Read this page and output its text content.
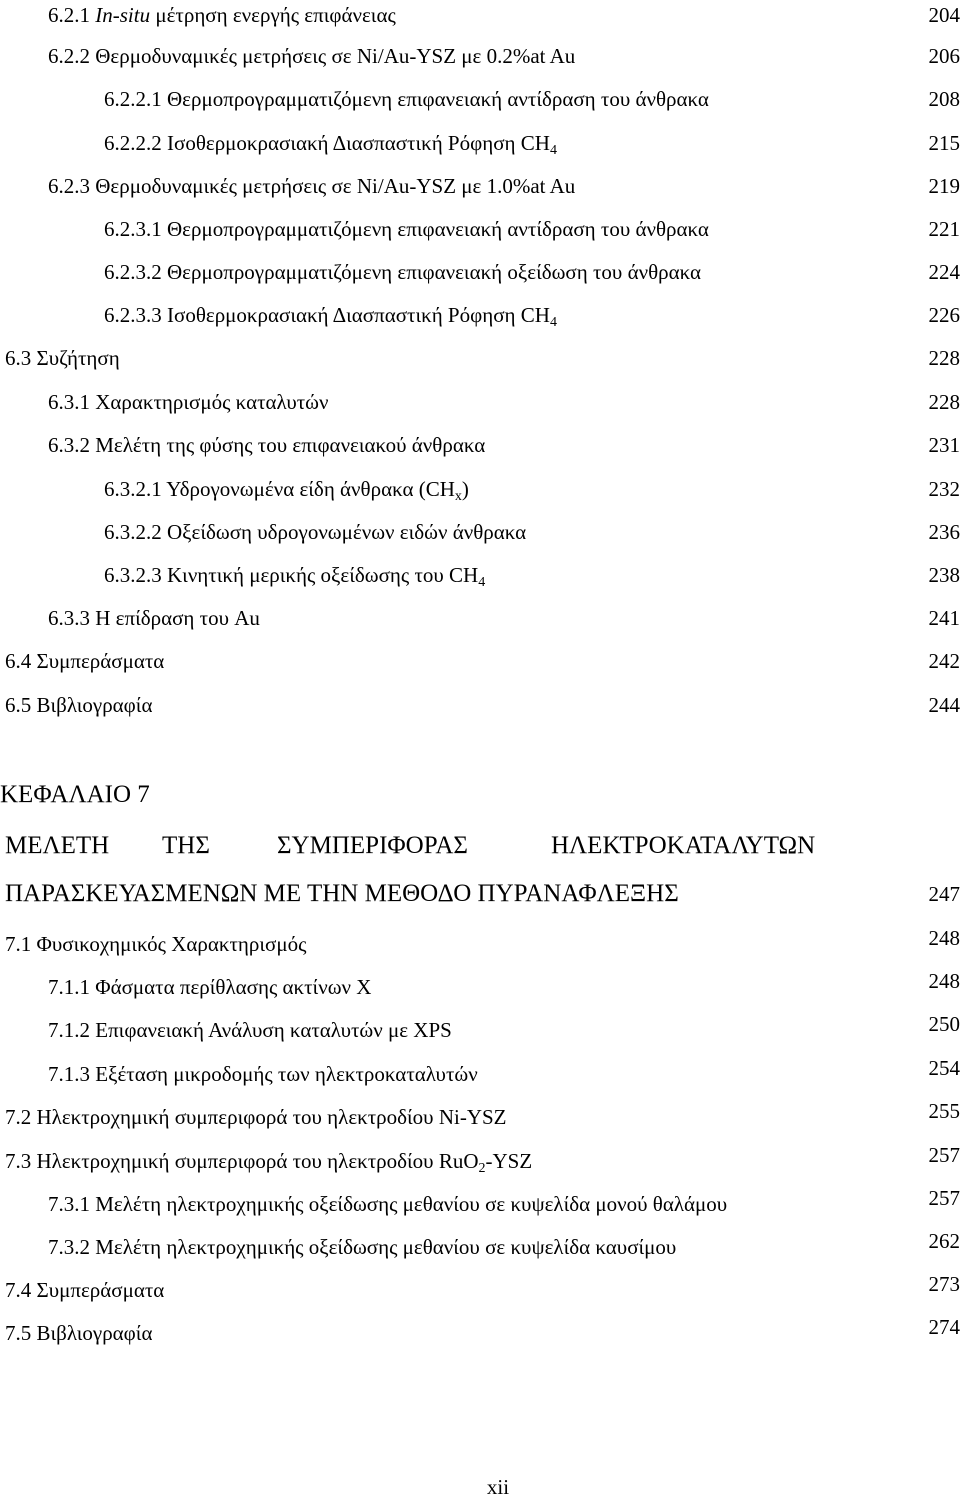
6.2.1 In-situ μέτρηση ενεργής επιφάνειας	204
6.2.2 Θερμοδυναμικές μετρήσεις σε Ni/Au-YSZ με 0.2%at Au	206
6.2.2.1 Θερμοπρογραμματιζόμενη επιφανειακή αντίδραση του άνθρακα	208
6.2.2.2 Ισοθερμοκρασιακή Διασπαστική Ρόφηση $CH_4$	215
6.2.3 Θερμοδυναμικές μετρήσεις σε Ni/Au-YSZ με 1.0%at Au	219
6.2.3.1 Θερμοπρογραμματιζόμενη επιφανειακή αντίδραση του άνθρακα	221
6.2.3.2 Θερμοπρογραμματιζόμενη επιφανειακή οξείδωση του άνθρακα	224
6.2.3.3 Ισοθερμοκρασιακή Διασπαστική Ρόφηση $CH_4$	226
6.3 Συζήτηση	228
6.3.1 Χαρακτηρισμός καταλυτών	228
6.3.2 Μελέτη της φύσης του επιφανειακού άνθρακα	231
6.3.2.1 Υδρογονωμένα είδη άνθρακα $(CH_x)$	232
6.3.2.2 Οξείδωση υδρογονωμένων ειδών άνθρακα	236
6.3.2.3 Κινητική μερικής οξείδωσης του $CH_4$	238
6.3.3 Η επίδραση του Au	241
6.4 Συμπεράσματα	242
6.5 Βιβλιογραφία	244
ΚΕΦΑΛΑΙΟ 7
ΜΕΛΕΤΗ ΤΗΣ	ΣΥΜΠΕΡΙΦΟΡΑΣ	ΗΛΕΚΤΡΟΚΑΤΑΛΥΤΩΝ
ΠΑΡΑΣΚΕΥΑΣΜΕΝΩΝ ΜΕ ΤΗΝ ΜΕΘΟΔΟ ΠΥΡΑΝΑΦΛΕΞΗΣ	247
7.1 Φυσικοχημικός Χαρακτηρισμός	248
7.1.1 Φάσματα περίθλασης ακτίνων Χ	248
7.1.2 Επιφανειακή Ανάλυση καταλυτών με XPS	250
7.1.3 Εξέταση μικροδομής των ηλεκτροκαταλυτών	254
7.2 Ηλεκτροχημική συμπεριφορά του ηλεκτροδίου Ni-YSZ	255
7.3 Ηλεκτροχημική συμπεριφορά του ηλεκτροδίου RuO$_2$-YSZ	257
7.3.1 Μελέτη ηλεκτροχημικής οξείδωσης μεθανίου σε κυψελίδα μονού θαλάμου	257
7.3.2 Μελέτη ηλεκτροχημικής οξείδωσης μεθανίου σε κυψελίδα καυσίμου	262
7.4 Συμπεράσματα	273
7.5 Βιβλιογραφία	274
xii
